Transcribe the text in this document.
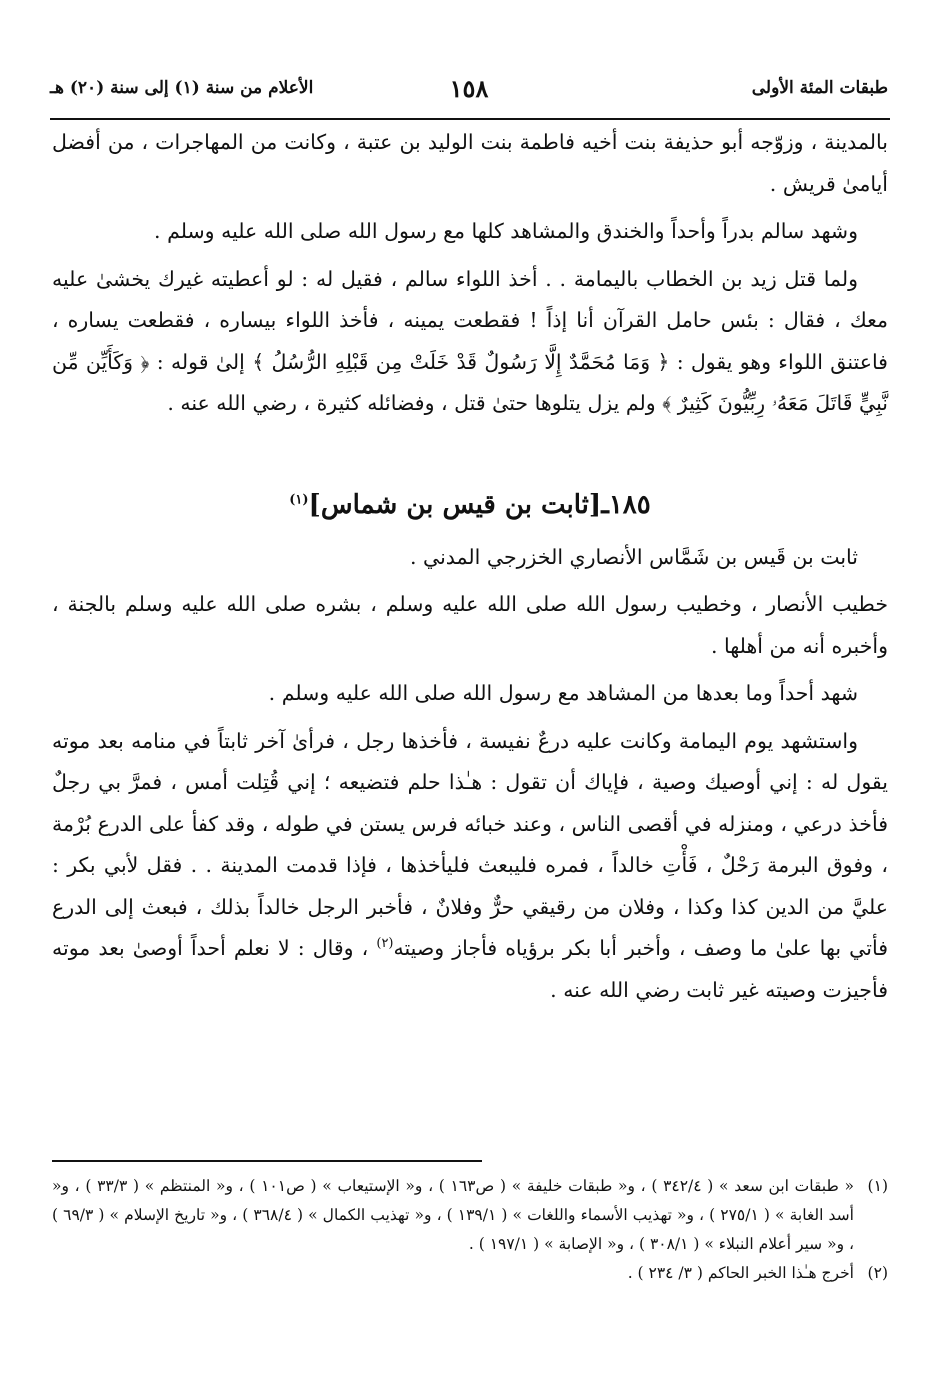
طبقات المئة الأولى
١٥٨
الأعلام من سنة (١) إلى سنة (٢٠) هـ

بالمدينة ، وزوّجه أبو حذيفة بنت أخيه فاطمة بنت الوليد بن عتبة ، وكانت من المهاجرات ، من أفضل أيامىٰ قريش .

وشهد سالم بدراً وأحداً والخندق والمشاهد كلها مع رسول الله صلى الله عليه وسلم .

ولما قتل زيد بن الخطاب باليمامة . . أخذ اللواء سالم ، فقيل له : لو أعطيته غيرك يخشىٰ عليه معك ، فقال : بئس حامل القرآن أنا إذاً ! فقطعت يمينه ، فأخذ اللواء بيساره ، فقطعت يساره ، فاعتنق اللواء وهو يقول : ﴿ وَمَا مُحَمَّدٌ إِلَّا رَسُولٌ قَدْ خَلَتْ مِن قَبْلِهِ الرُّسُلُ ﴾ إلىٰ قوله : ﴿ وَكَأَيِّن مِّن نَّبِيٍّ قَاتَلَ مَعَهُۥ رِبِّيُّونَ كَثِيرٌ ﴾ ولم يزل يتلوها حتىٰ قتل ، وفضائله كثيرة ، رضي الله عنه .

١٨٥ـ[ثابت بن قيس بن شماس]$^{(١)}$

ثابت بن قَيس بن شَمَّاس الأنصاري الخزرجي المدني .

خطيب الأنصار ، وخطيب رسول الله صلى الله عليه وسلم ، بشره صلى الله عليه وسلم بالجنة ، وأخبره أنه من أهلها .

شهد أحداً وما بعدها من المشاهد مع رسول الله صلى الله عليه وسلم .

واستشهد يوم اليمامة وكانت عليه درعٌ نفيسة ، فأخذها رجل ، فرأىٰ آخر ثابتاً في منامه بعد موته يقول له : إني أوصيك وصية ، فإياك أن تقول : هـٰذا حلم فتضيعه ؛ إني قُتِلت أمس ، فمرَّ بي رجلٌ فأخذ درعي ، ومنزله في أقصى الناس ، وعند خبائه فرس يستن في طوله ، وقد كفأ على الدرع بُرْمة ، وفوق البرمة رَحْلٌ ، فَأْتِ خالداً ، فمره فليبعث فليأخذها ، فإذا قدمت المدينة . . فقل لأبي بكر : عليَّ من الدين كذا وكذا ، وفلان من رقيقي حرٌّ وفلانٌ ، فأخبر الرجل خالداً بذلك ، فبعث إلى الدرع فأتي بها علىٰ ما وصف ، وأخبر أبا بكر برؤياه فأجاز وصيته$^{(٢)}$ ، وقال : لا نعلم أحداً أوصىٰ بعد موته فأجيزت وصيته غير ثابت رضي الله عنه .

(١)
« طبقات ابن سعد » ( ٣٤٢/٤ ) ، و« طبقات خليفة » ( ص١٦٣ ) ، و« الإستيعاب » ( ص١٠١ ) ، و« المنتظم » ( ٣٣/٣ ) ، و« أسد الغابة » ( ٢٧٥/١ ) ، و« تهذيب الأسماء واللغات » ( ١٣٩/١ ) ، و« تهذيب الكمال » ( ٣٦٨/٤ ) ، و« تاريخ الإسلام » ( ٦٩/٣ ) ، و« سير أعلام النبلاء » ( ٣٠٨/١ ) ، و« الإصابة » ( ١٩٧/١ ) .
(٢)
أخرج هـٰذا الخبر الحاكم ( ٣/ ٢٣٤ ) .
